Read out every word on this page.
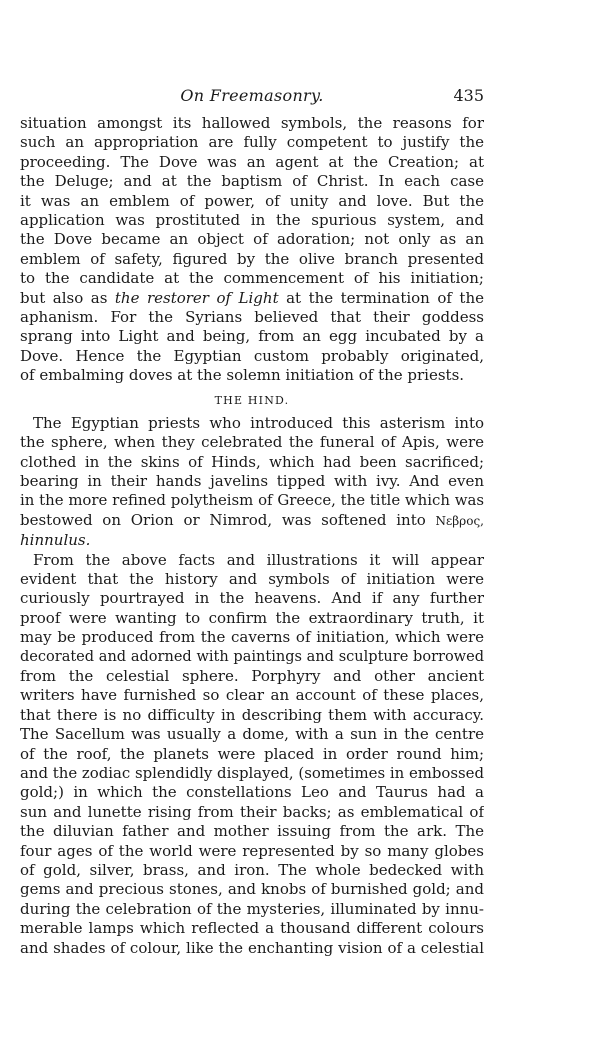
On Freemasonry.	435
situation amongst its hallowed symbols, the reasons for
such an appropriation are fully competent to justify the
proceeding. The Dove was an agent at the Creation; at
the Deluge; and at the baptism of Christ. In each case
it was an emblem of power, of unity and love. But the
application was prostituted in the spurious system, and
the Dove became an object of adoration; not only as an
emblem of safety, figured by the olive branch presented
to the candidate at the commencement of his initiation;
but also as the restorer of Light at the termination of the
aphanism. For the Syrians believed that their goddess
sprang into Light and being, from an egg incubated by a
Dove. Hence the Egyptian custom probably originated,
of embalming doves at the solemn initiation of the priests.
THE HIND.
The Egyptian priests who introduced this asterism into
the sphere, when they celebrated the funeral of Apis, were
clothed in the skins of Hinds, which had been sacrificed;
bearing in their hands javelins tipped with ivy. And even
in the more refined polytheism of Greece, the title which was
bestowed on Orion or Nimrod, was softened into Νεβρος,
hinnulus.
From the above facts and illustrations it will appear
evident that the history and symbols of initiation were
curiously pourtrayed in the heavens. And if any further
proof were wanting to confirm the extraordinary truth, it
may be produced from the caverns of initiation, which were
decorated and adorned with paintings and sculpture borrowed
from the celestial sphere. Porphyry and other ancient
writers have furnished so clear an account of these places,
that there is no difficulty in describing them with accuracy.
The Sacellum was usually a dome, with a sun in the centre
of the roof, the planets were placed in order round him;
and the zodiac splendidly displayed, (sometimes in embossed
gold;) in which the constellations Leo and Taurus had a
sun and lunette rising from their backs; as emblematical of
the diluvian father and mother issuing from the ark. The
four ages of the world were represented by so many globes
of gold, silver, brass, and iron. The whole bedecked with
gems and precious stones, and knobs of burnished gold; and
during the celebration of the mysteries, illuminated by innu-
merable lamps which reflected a thousand different colours
and shades of colour, like the enchanting vision of a celestial
